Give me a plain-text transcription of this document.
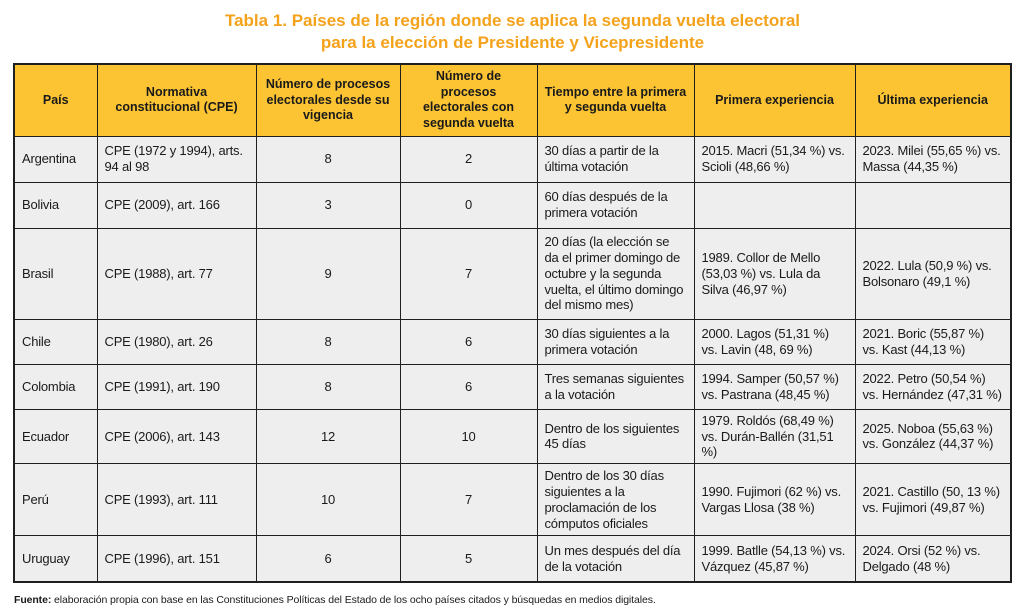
Tabla 1. Países de la región donde se aplica la segunda vuelta electoral
para la elección de Presidente y Vicepresidente
País	Normativa constitucional (CPE)	Número de procesos electorales desde su vigencia	Número de procesos electorales con segunda vuelta	Tiempo entre la primera y segunda vuelta	Primera experiencia	Última experiencia
Argentina	CPE (1972 y 1994), arts. 94 al 98	8	2	30 días a partir de la última votación	2015. Macri (51,34 %) vs. Scioli (48,66 %)	2023. Milei (55,65 %) vs. Massa (44,35 %)
Bolivia	CPE (2009), art. 166	3	0	60 días después de la primera votación		
Brasil	CPE (1988), art. 77	9	7	20 días (la elección se da el primer domingo de octubre y la segunda vuelta, el último domingo del mismo mes)	1989. Collor de Mello (53,03 %) vs. Lula da Silva (46,97 %)	2022. Lula (50,9 %) vs. Bolsonaro (49,1 %)
Chile	CPE (1980), art. 26	8	6	30 días siguientes a la primera votación	2000. Lagos (51,31 %) vs. Lavin (48, 69 %)	2021. Boric (55,87 %) vs. Kast (44,13 %)
Colombia	CPE (1991), art. 190	8	6	Tres semanas siguientes a la votación	1994. Samper (50,57 %) vs. Pastrana (48,45 %)	2022. Petro (50,54 %) vs. Hernández (47,31 %)
Ecuador	CPE (2006), art. 143	12	10	Dentro de los siguientes 45 días	1979. Roldós (68,49 %) vs. Durán-Ballén (31,51 %)	2025. Noboa (55,63 %) vs. González (44,37 %)
Perú	CPE (1993), art. 111	10	7	Dentro de los 30 días siguientes a la proclamación de los cómputos oficiales	1990. Fujimori (62 %) vs. Vargas Llosa (38 %)	2021. Castillo (50, 13 %) vs. Fujimori (49,87 %)
Uruguay	CPE (1996), art. 151	6	5	Un mes después del día de la votación	1999. Batlle (54,13 %) vs. Vázquez (45,87 %)	2024. Orsi (52 %) vs. Delgado (48 %)
Fuente: elaboración propia con base en las Constituciones Políticas del Estado de los ocho países citados y búsquedas en medios digitales.
